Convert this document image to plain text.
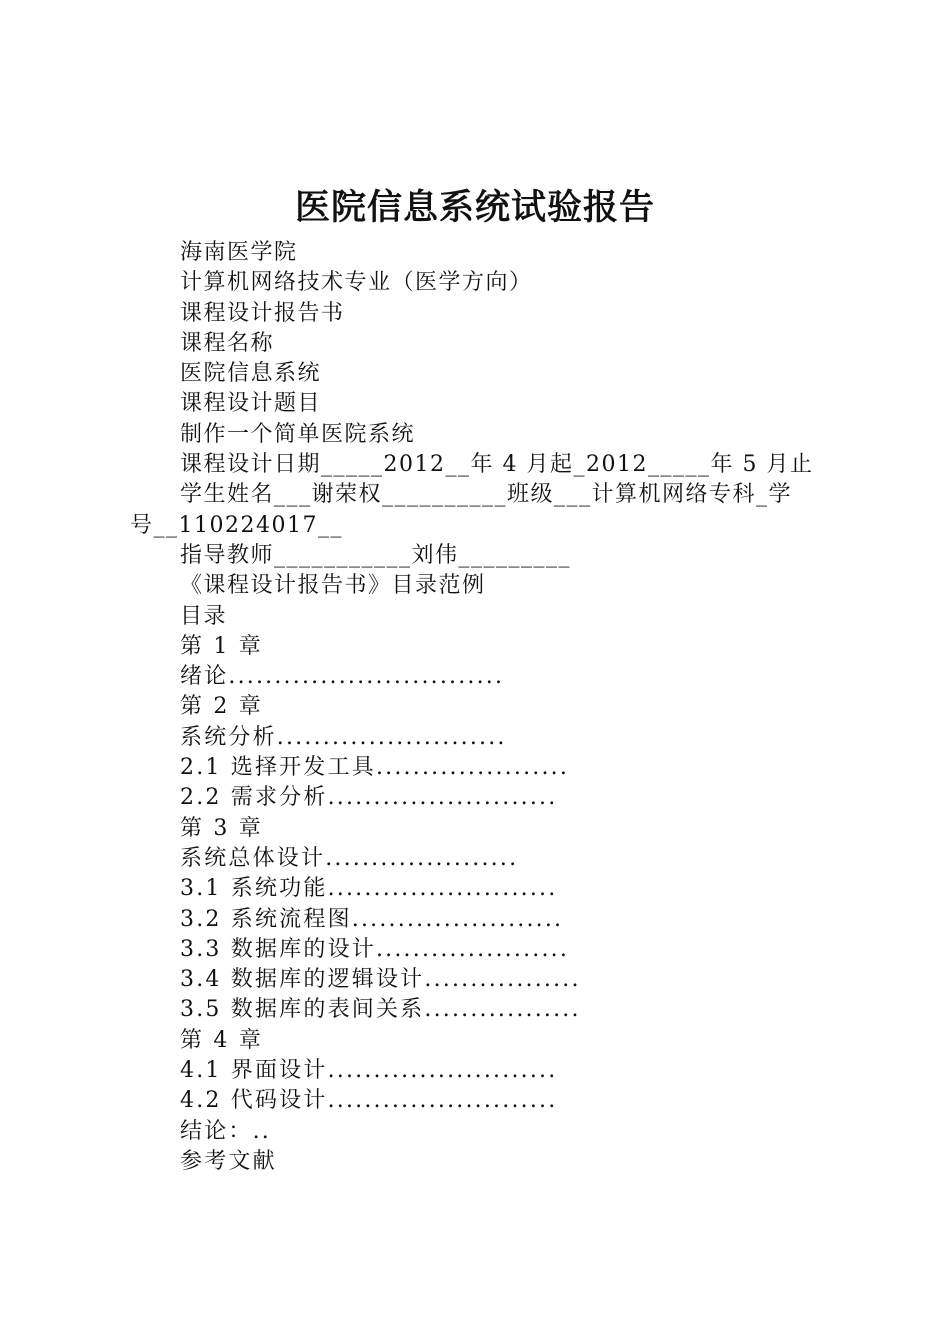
医院信息系统试验报告
海南医学院
计算机网络技术专业（医学方向）
课程设计报告书
课程名称
医院信息系统
课程设计题目
制作一个简单医院系统
课程设计日期_____2012__年 4 月起_2012_____年 5 月止
学生姓名___谢荣权__________班级___计算机网络专科_学
号__110224017__
指导教师___________刘伟_________
《课程设计报告书》目录范例
目录
第 1 章
绪论..............................
第 2 章
系统分析.........................
2.1 选择开发工具.....................
2.2 需求分析.........................
第 3 章
系统总体设计.....................
3.1 系统功能.........................
3.2 系统流程图.......................
3.3 数据库的设计.....................
3.4 数据库的逻辑设计.................
3.5 数据库的表间关系.................
第 4 章
4.1 界面设计.........................
4.2 代码设计.........................
结论：..
参考文献
